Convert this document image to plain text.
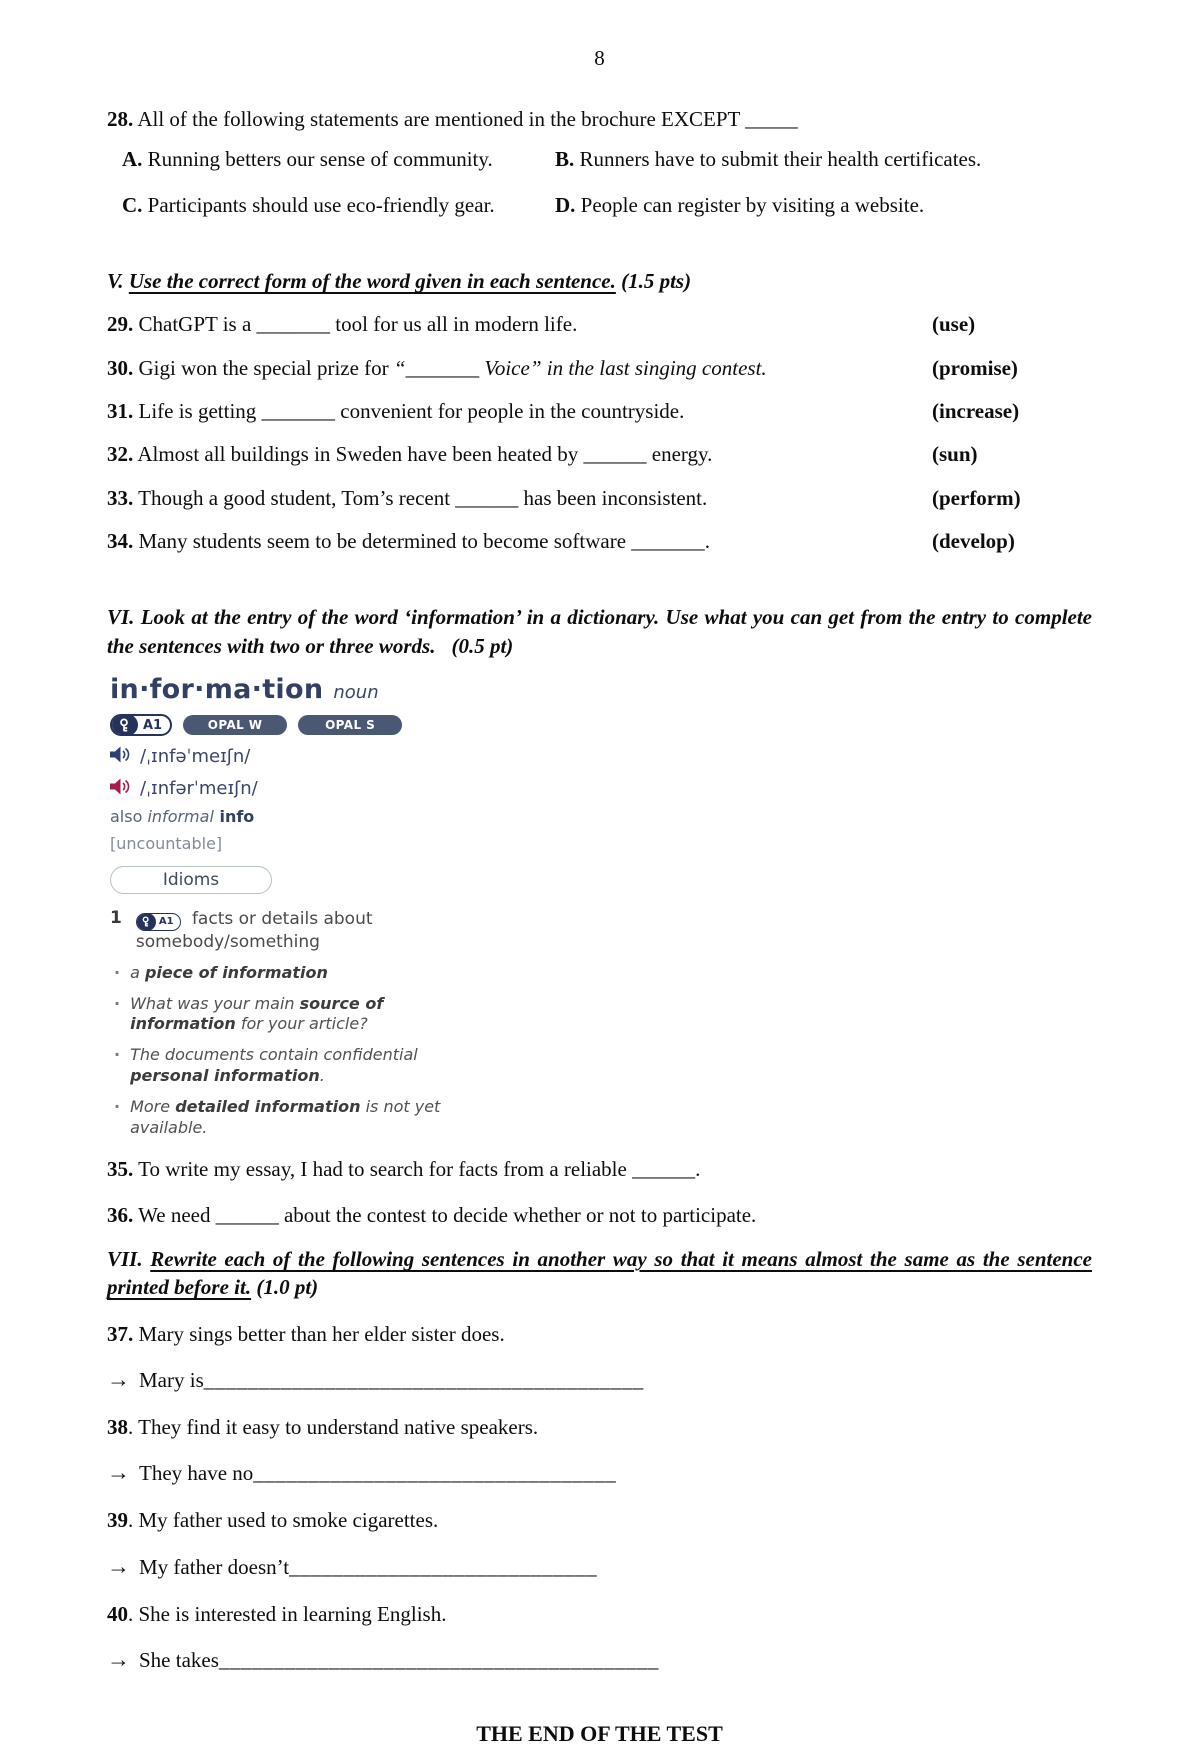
8
28. All of the following statements are mentioned in the brochure EXCEPT _____
A. Running betters our sense of community.	B. Runners have to submit their health certificates.
C. Participants should use eco-friendly gear.	D. People can register by visiting a website.
V. Use the correct form of the word given in each sentence. (1.5 pts)
29. ChatGPT is a _______ tool for us all in modern life.	(use)
30. Gigi won the special prize for “_______ Voice” in the last singing contest.	(promise)
31. Life is getting _______ convenient for people in the countryside.	(increase)
32. Almost all buildings in Sweden have been heated by ______ energy.	(sun)
33. Though a good student, Tom’s recent ______ has been inconsistent.	(perform)
34. Many students seem to be determined to become software _______.	(develop)
VI. Look at the entry of the word ‘information’ in a dictionary. Use what you can get from the entry to complete the sentences with two or three words. (0.5 pt)
in·for·ma·tion noun
A1	OPAL W	OPAL S
/ˌɪnfəˈmeɪʃn/
/ˌɪnfərˈmeɪʃn/
also informal info
[uncountable]
Idioms
1	A1 facts or details about somebody/something
· a piece of information
· What was your main source of information for your article?
· The documents contain confidential personal information.
· More detailed information is not yet available.
35. To write my essay, I had to search for facts from a reliable ______.
36. We need ______ about the contest to decide whether or not to participate.
VII. Rewrite each of the following sentences in another way so that it means almost the same as the sentence printed before it. (1.0 pt)
37. Mary sings better than her elder sister does.
→ Mary is ________________________________________
38. They find it easy to understand native speakers.
→ They have no _________________________________
39. My father used to smoke cigarettes.
→ My father doesn’t ____________________________
40. She is interested in learning English.
→ She takes ________________________________________
THE END OF THE TEST
